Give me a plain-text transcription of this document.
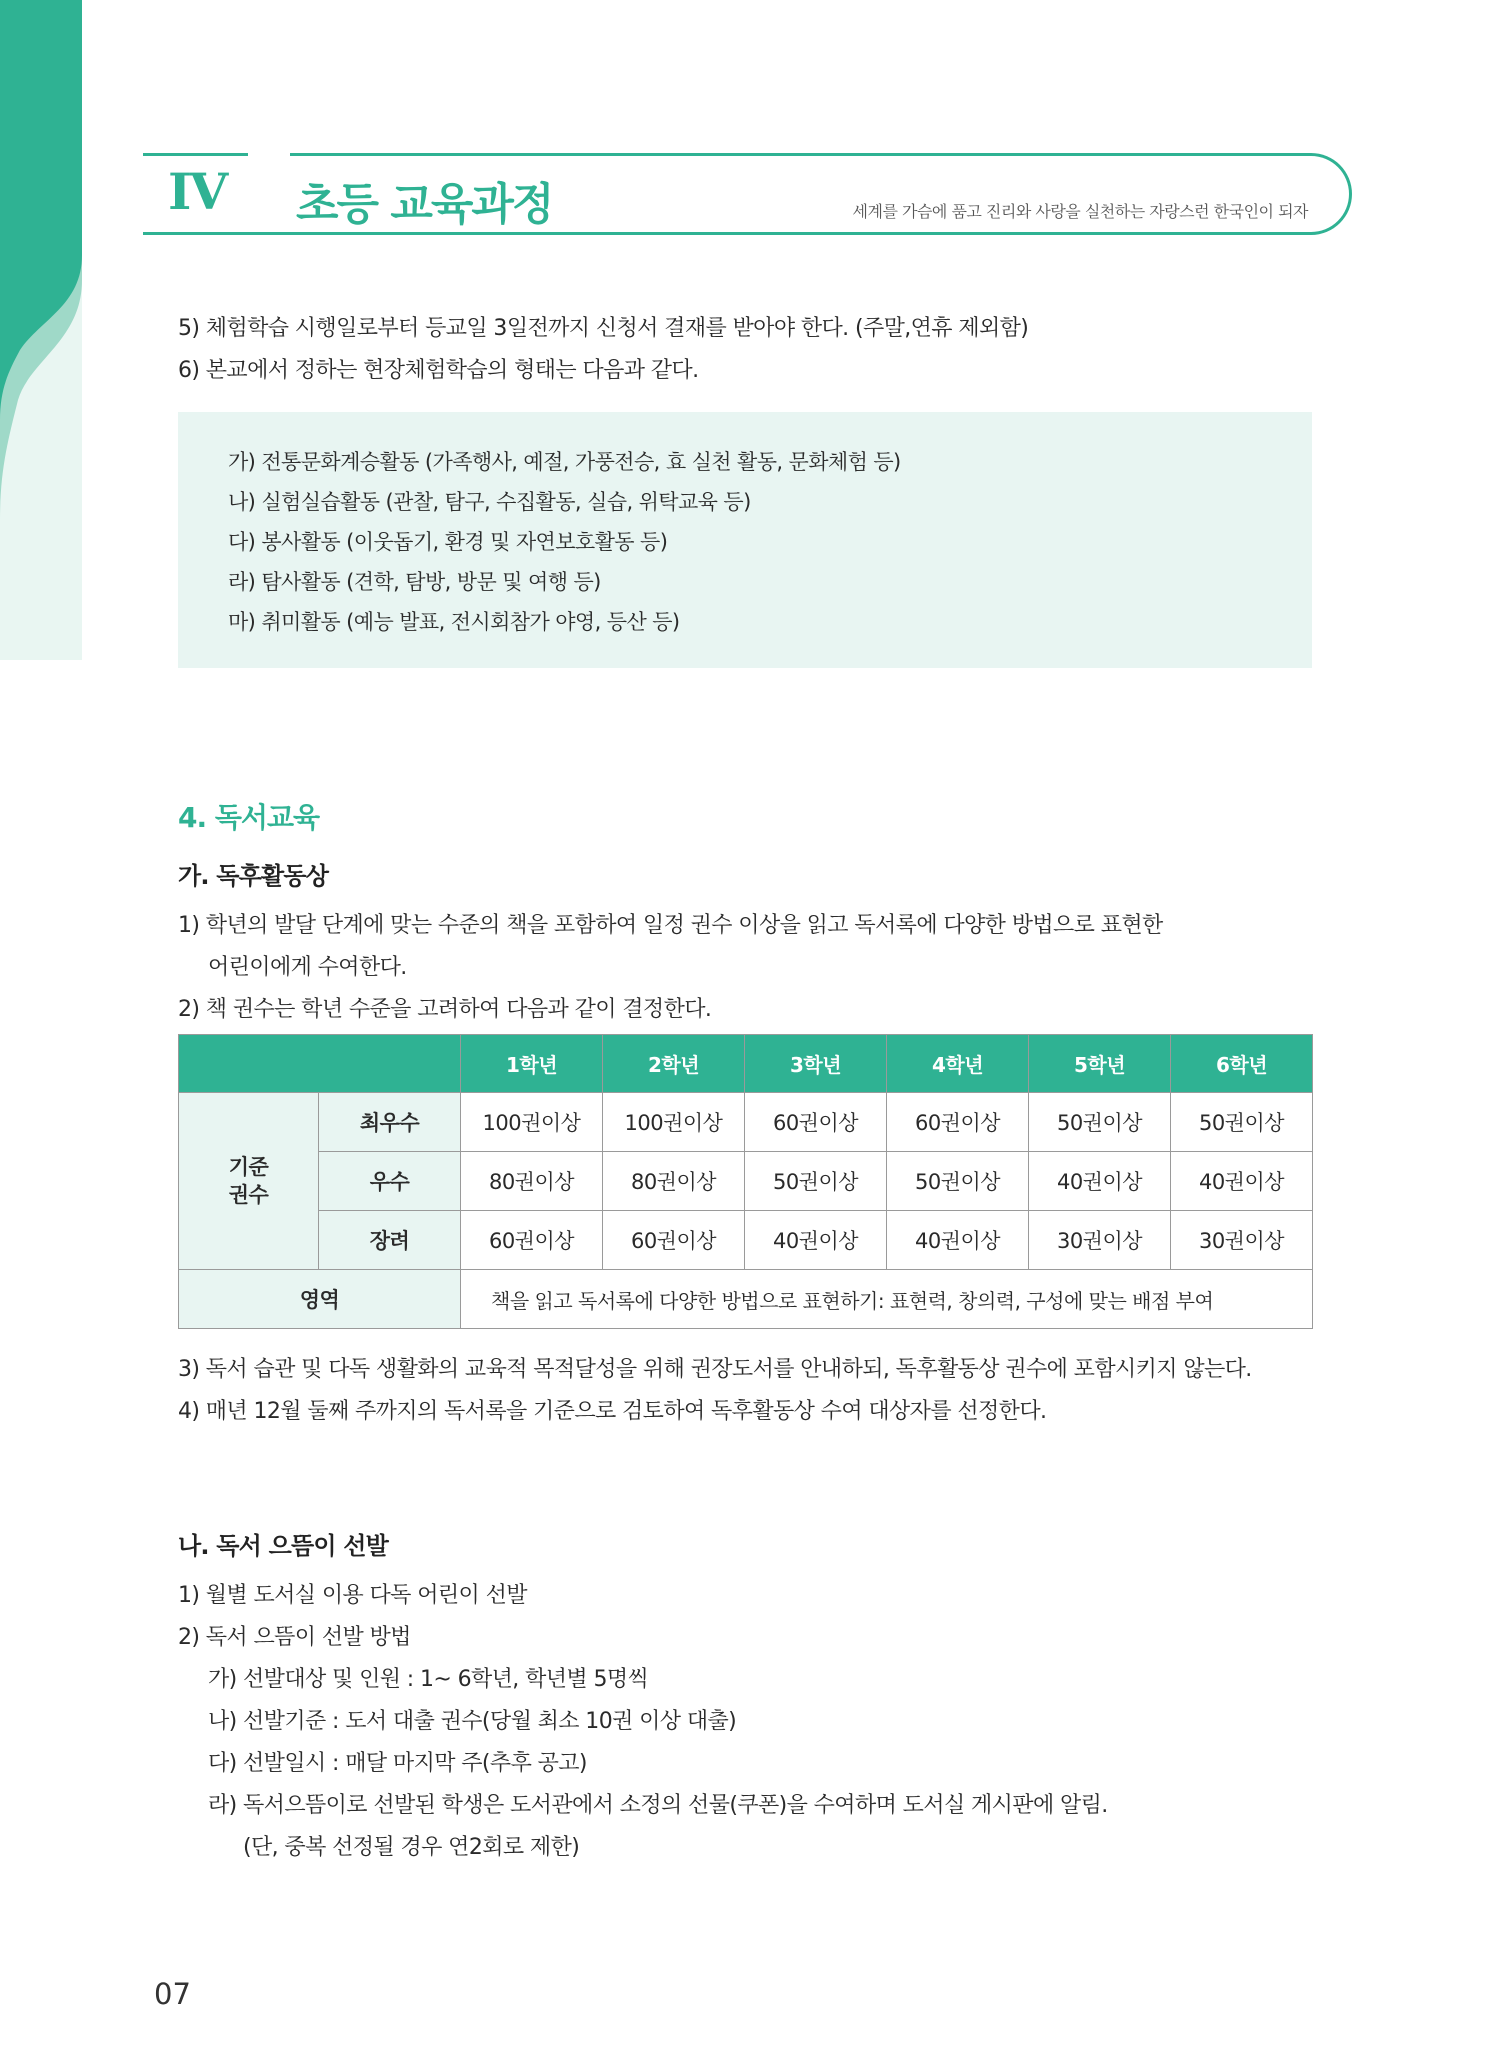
IV 초등 교육과정	세계를 가슴에 품고 진리와 사랑을 실천하는 자랑스런 한국인이 되자
5) 체험학습 시행일로부터 등교일 3일전까지 신청서 결재를 받아야 한다. (주말,연휴 제외함)
6) 본교에서 정하는 현장체험학습의 형태는 다음과 같다.
가) 전통문화계승활동 (가족행사, 예절, 가풍전승, 효 실천 활동, 문화체험 등)
나) 실험실습활동 (관찰, 탐구, 수집활동, 실습, 위탁교육 등)
다) 봉사활동 (이웃돕기, 환경 및 자연보호활동 등)
라) 탐사활동 (견학, 탐방, 방문 및 여행 등)
마) 취미활동 (예능 발표, 전시회참가 야영, 등산 등)
4. 독서교육
가. 독후활동상
1) 학년의 발달 단계에 맞는 수준의 책을 포함하여 일정 권수 이상을 읽고 독서록에 다양한 방법으로 표현한
어린이에게 수여한다.
2) 책 권수는 학년 수준을 고려하여 다음과 같이 결정한다.
		1학년	2학년	3학년	4학년	5학년	6학년
기준
권수	최우수	100권이상	100권이상	60권이상	60권이상	50권이상	50권이상
	우수	80권이상	80권이상	50권이상	50권이상	40권이상	40권이상
	장려	60권이상	60권이상	40권이상	40권이상	30권이상	30권이상
영역		책을 읽고 독서록에 다양한 방법으로 표현하기: 표현력, 창의력, 구성에 맞는 배점 부여					
3) 독서 습관 및 다독 생활화의 교육적 목적달성을 위해 권장도서를 안내하되, 독후활동상 권수에 포함시키지 않는다.
4) 매년 12월 둘째 주까지의 독서록을 기준으로 검토하여 독후활동상 수여 대상자를 선정한다.
나. 독서 으뜸이 선발
1) 월별 도서실 이용 다독 어린이 선발
2) 독서 으뜸이 선발 방법
가) 선발대상 및 인원 : 1~ 6학년, 학년별 5명씩
나) 선발기준 : 도서 대출 권수(당월 최소 10권 이상 대출)
다) 선발일시 : 매달 마지막 주(추후 공고)
라) 독서으뜸이로 선발된 학생은 도서관에서 소정의 선물(쿠폰)을 수여하며 도서실 게시판에 알림.
(단, 중복 선정될 경우 연2회로 제한)
07
